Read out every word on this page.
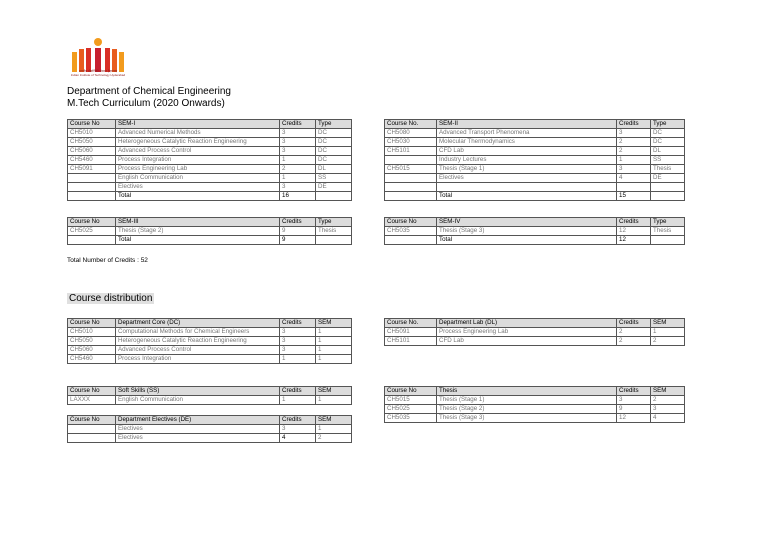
भारतीय प्रौद्योगिकी संस्थान हैदराबाद
Indian Institute of Technology Hyderabad
Department of Chemical Engineering
M.Tech Curriculum (2020 Onwards)
Course No	SEM-I	Credits	Type
CH5010	Advanced Numerical Methods	3	DC
CH5050	Heterogeneous Catalytic Reaction Engineering	3	DC
CH5060	Advanced Process Control	3	DC
CH5460	Process Integration	1	DC
CH5091	Process Engineering Lab	2	DL
	English Communication	1	SS
	Electives	3	DE
	Total	16	
Course No.	SEM-II	Credits	Type
CH5080	Advanced Transport Phenomena	3	DC
CH5030	Molecular Thermodynamics	2	DC
CH5101	CFD Lab	2	DL
	Industry Lectures	1	SS
CH5015	Thesis (Stage 1)	3	Thesis
	Electives	4	DE

	Total	15	
Course No	SEM-III	Credits	Type
CH5025	Thesis (Stage 2)	9	Thesis
	Total	9	
Course No	SEM-IV	Credits	Type
CH5035	Thesis (Stage 3)	12	Thesis
	Total	12	
Total Number of Credits : 52
Course distribution
Course No	Department Core (DC)	Credits	SEM
CH5010	Computational Methods for Chemical Engineers	3	1
CH5050	Heterogeneous Catalytic Reaction Engineering	3	1
CH5060	Advanced Process Control	3	1
CH5460	Process Integration	1	1
Course No.	Department Lab (DL)	Credits	SEM
CH5091	Process Engineering Lab	2	1
CH5101	CFD Lab	2	2
Course No	Soft Skills (SS)	Credits	SEM
LAXXX	English Communication	1	1
Course No	Department Electives (DE)	Credits	SEM
	Electives	3	1
	Electives	4	2
Course No	Thesis	Credits	SEM
CH5015	Thesis (Stage 1)	3	2
CH5025	Thesis (Stage 2)	9	3
CH5035	Thesis (Stage 3)	12	4
